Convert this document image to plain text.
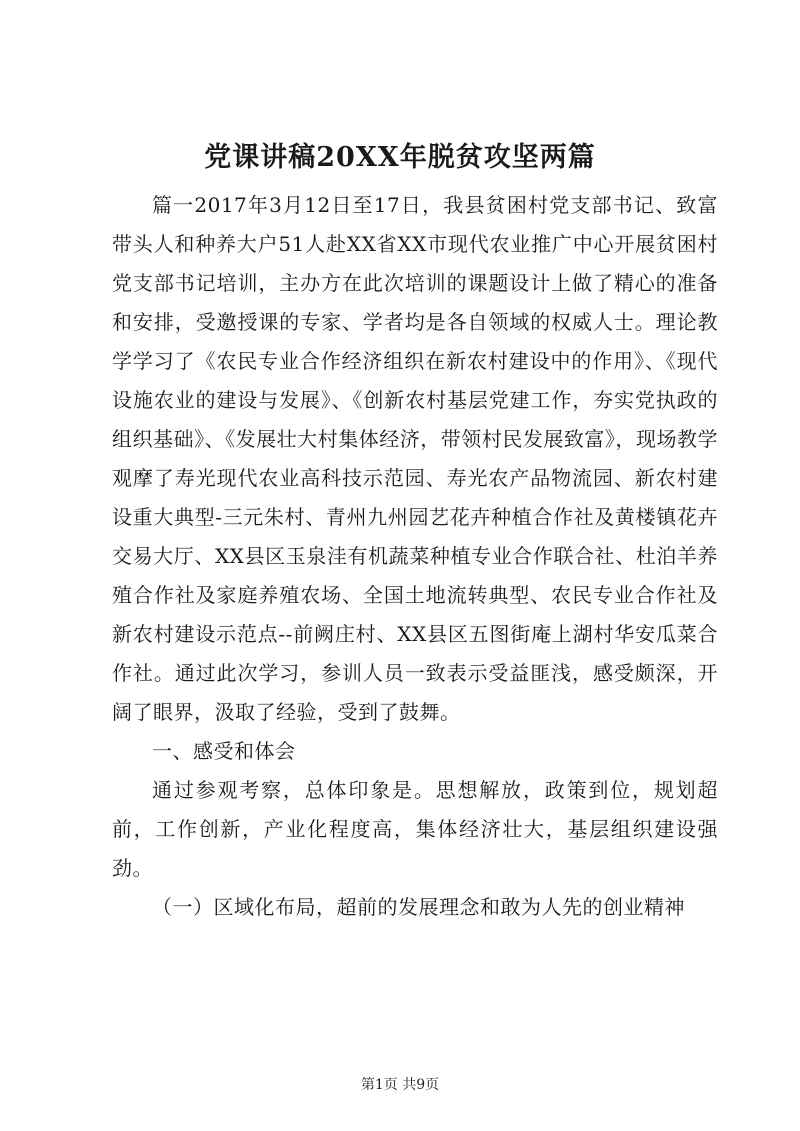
党课讲稿20XX年脱贫攻坚两篇

篇一2017年3月12日至17日，我县贫困村党支部书记、致富带头人和种养大户51人赴XX省XX市现代农业推广中心开展贫困村党支部书记培训，主办方在此次培训的课题设计上做了精心的准备和安排，受邀授课的专家、学者均是各自领域的权威人士。理论教学学习了《农民专业合作经济组织在新农村建设中的作用》、《现代设施农业的建设与发展》、《创新农村基层党建工作，夯实党执政的组织基础》、《发展壮大村集体经济，带领村民发展致富》，现场教学观摩了寿光现代农业高科技示范园、寿光农产品物流园、新农村建设重大典型-三元朱村、青州九州园艺花卉种植合作社及黄楼镇花卉交易大厅、XX县区玉泉洼有机蔬菜种植专业合作联合社、杜泊羊养殖合作社及家庭养殖农场、全国土地流转典型、农民专业合作社及新农村建设示范点--前阙庄村、XX县区五图街庵上湖村华安瓜菜合作社。通过此次学习，参训人员一致表示受益匪浅，感受颇深，开阔了眼界，汲取了经验，受到了鼓舞。

一、感受和体会

通过参观考察，总体印象是。思想解放，政策到位，规划超前，工作创新，产业化程度高，集体经济壮大，基层组织建设强劲。

（一）区域化布局，超前的发展理念和敢为人先的创业精神

第1页 共9页
